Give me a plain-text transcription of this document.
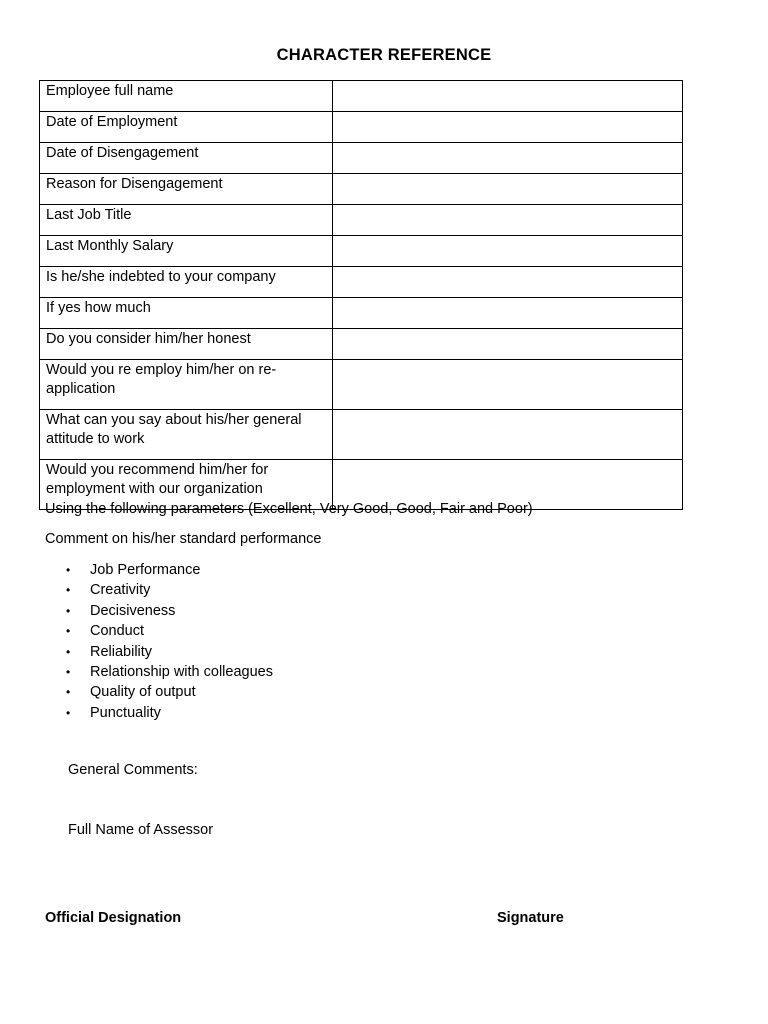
CHARACTER REFERENCE
Employee full name	
Date of Employment	
Date of Disengagement	
Reason for Disengagement	
Last Job Title	
Last Monthly Salary	
Is he/she indebted to your company	
If yes how much	
Do you consider him/her honest	
Would you re employ him/her on re-application	
What can you say about his/her general attitude to work	
Would you recommend him/her for employment with our organization	
Using the following parameters (Excellent, Very Good, Good, Fair and Poor)
Comment on his/her standard performance
• Job Performance
• Creativity
• Decisiveness
• Conduct
• Reliability
• Relationship with colleagues
• Quality of output
• Punctuality
General Comments:
Full Name of Assessor
Official Designation	Signature
